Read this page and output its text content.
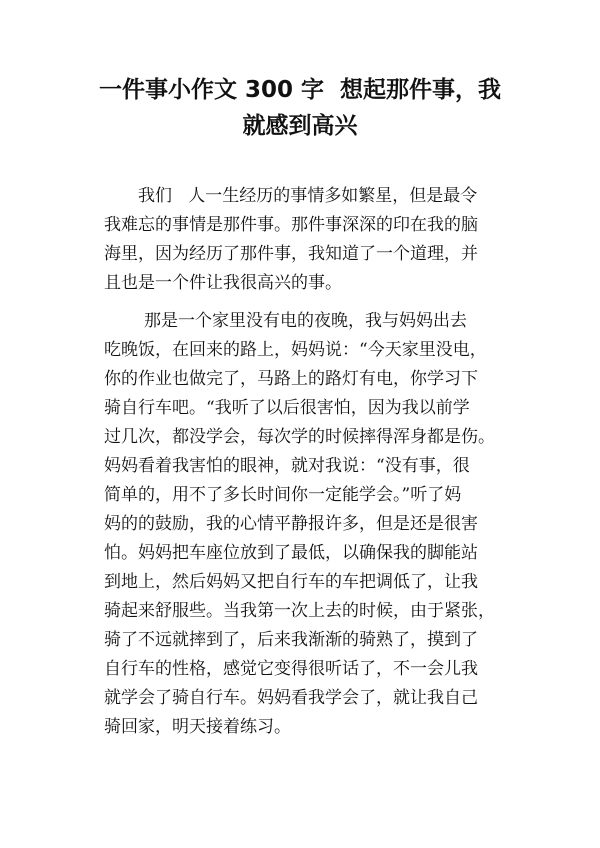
一件事小作文 300 字  想起那件事，我
就感到高兴
我们   人一生经历的事情多如繁星，但是最令
我难忘的事情是那件事。那件事深深的印在我的脑
海里，因为经历了那件事，我知道了一个道理，并
且也是一个件让我很高兴的事。
那是一个家里没有电的夜晚，我与妈妈出去
吃晚饭，在回来的路上，妈妈说：“今天家里没电，
你的作业也做完了，马路上的路灯有电，你学习下
骑自行车吧。“我听了以后很害怕，因为我以前学
过几次，都没学会，每次学的时候摔得浑身都是伤。
妈妈看着我害怕的眼神，就对我说：“没有事，很
简单的，用不了多长时间你一定能学会。”听了妈
妈的的鼓励，我的心情平静报许多，但是还是很害
怕。妈妈把车座位放到了最低，以确保我的脚能站
到地上，然后妈妈又把自行车的车把调低了，让我
骑起来舒服些。当我第一次上去的时候，由于紧张，
骑了不远就摔到了，后来我渐渐的骑熟了，摸到了
自行车的性格，感觉它变得很听话了，不一会儿我
就学会了骑自行车。妈妈看我学会了，就让我自己
骑回家，明天接着练习。
